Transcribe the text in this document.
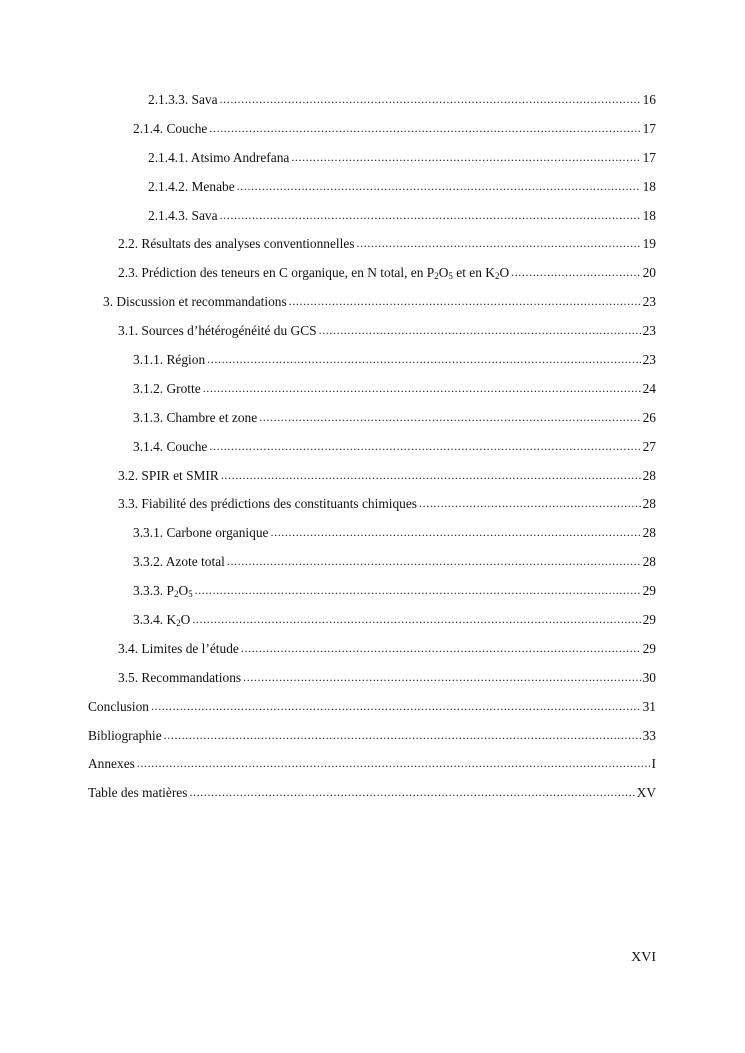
2.1.3.3. Sava .....	16
2.1.4. Couche .....	17
2.1.4.1. Atsimo Andrefana .....	17
2.1.4.2. Menabe .....	18
2.1.4.3. Sava .....	18
2.2. Résultats des analyses conventionnelles .....	19
2.3. Prédiction des teneurs en C organique, en N total, en $P_2O_5$ et en $K_2O$ .....	20
3. Discussion et recommandations .....	23
3.1. Sources d’hétérogénéité du GCS .....	23
3.1.1. Région .....	23
3.1.2. Grotte .....	24
3.1.3. Chambre et zone .....	26
3.1.4. Couche .....	27
3.2. SPIR et SMIR .....	28
3.3. Fiabilité des prédictions des constituants chimiques .....	28
3.3.1. Carbone organique .....	28
3.3.2. Azote total .....	28
3.3.3. $P_2O_5$ .....	29
3.3.4. $K_2O$ .....	29
3.4. Limites de l’étude .....	29
3.5. Recommandations .....	30
Conclusion .....	31
Bibliographie .....	33
Annexes .....	I
Table des matières .....	XV
XVI
